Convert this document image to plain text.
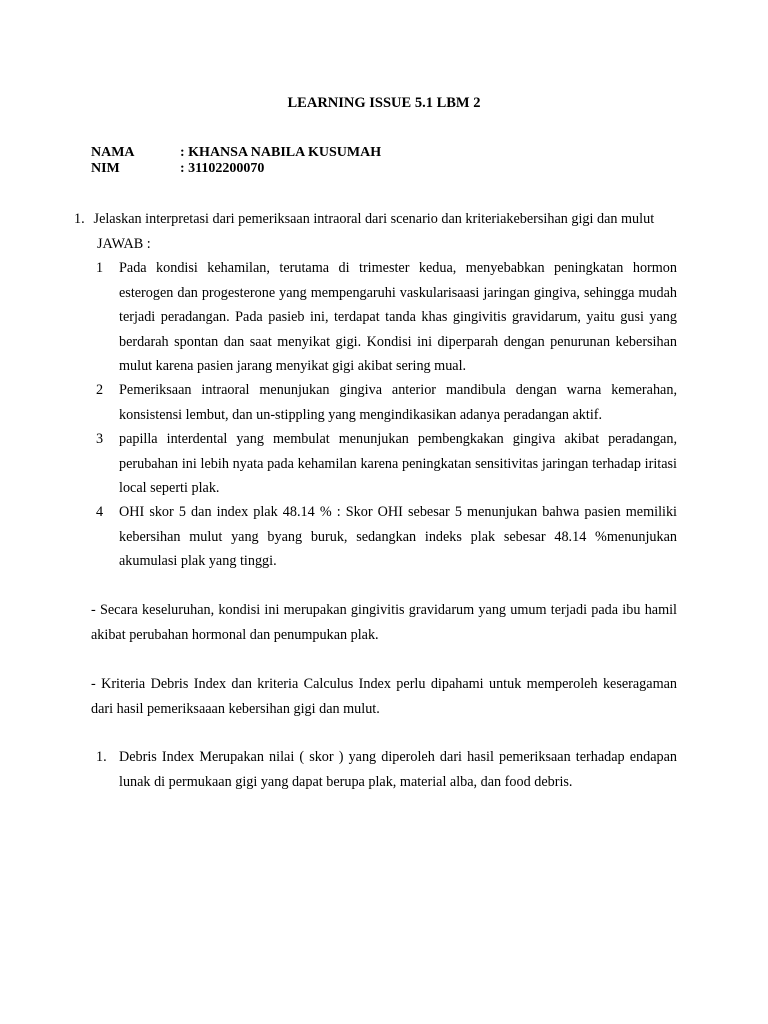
LEARNING ISSUE 5.1 LBM 2
NAMA	: KHANSA NABILA KUSUMAH
NIM	: 31102200070
1. Jelaskan interpretasi dari pemeriksaan intraoral dari scenario dan kriteriakebersihan gigi dan mulut
JAWAB :
1 Pada kondisi kehamilan, terutama di trimester kedua, menyebabkan peningkatan hormon esterogen dan progesterone yang mempengaruhi vaskularisaasi jaringan gingiva, sehingga mudah terjadi peradangan. Pada pasieb ini, terdapat tanda khas gingivitis gravidarum, yaitu gusi yang berdarah spontan dan saat menyikat gigi. Kondisi ini diperparah dengan penurunan kebersihan mulut karena pasien jarang menyikat gigi akibat sering mual.
2 Pemeriksaan intraoral menunjukan gingiva anterior mandibula dengan warna kemerahan, konsistensi lembut, dan un-stippling yang mengindikasikan adanya peradangan aktif.
3 papilla interdental yang membulat menunjukan pembengkakan gingiva akibat peradangan, perubahan ini lebih nyata pada kehamilan karena peningkatan sensitivitas jaringan terhadap iritasi local seperti plak.
4 OHI skor 5 dan index plak 48.14 % : Skor OHI sebesar 5 menunjukan bahwa pasien memiliki kebersihan mulut yang byang buruk, sedangkan indeks plak sebesar 48.14 %menunjukan akumulasi plak yang tinggi.
- Secara keseluruhan, kondisi ini merupakan gingivitis gravidarum yang umum terjadi pada ibu hamil akibat perubahan hormonal dan penumpukan plak.
- Kriteria Debris Index dan kriteria Calculus Index perlu dipahami untuk memperoleh keseragaman dari hasil pemeriksaaan kebersihan gigi dan mulut.
1. Debris Index Merupakan nilai ( skor ) yang diperoleh dari hasil pemeriksaan terhadap endapan lunak di permukaan gigi yang dapat berupa plak, material alba, dan food debris.
